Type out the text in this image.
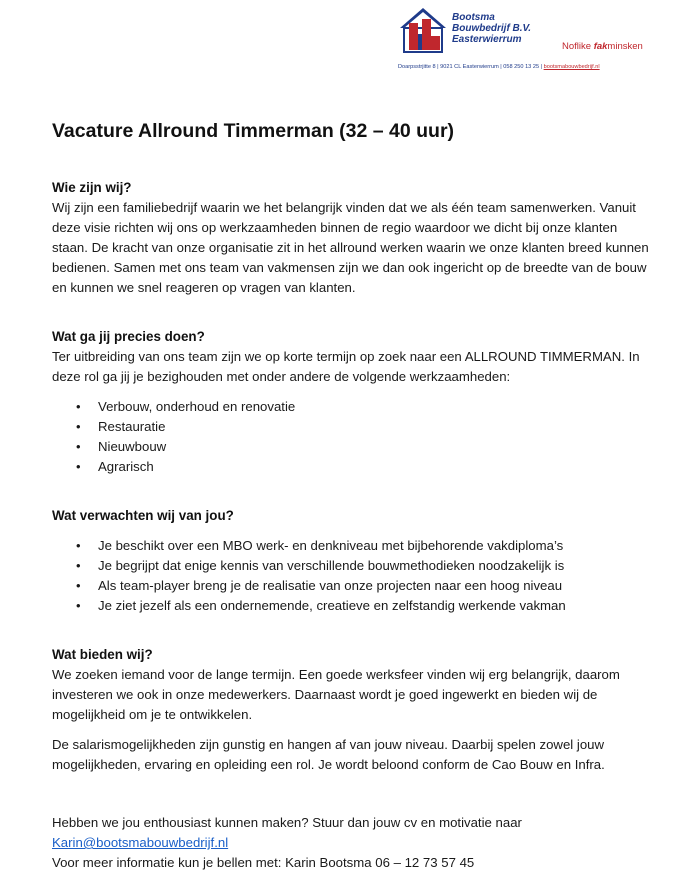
Bootsma
Bouwbedrijf B.V.
Easterwierrum
Noflike fakminsken
Doarpsstrjitte 8 | 9021 CL Easterwierrum | 058 250 13 25 | bootsmabouwbedrijf.nl
Vacature Allround Timmerman (32 – 40 uur)
Wie zijn wij?

Wij zijn een familiebedrijf waarin we het belangrijk vinden dat we als één team samenwerken. Vanuit deze visie richten wij ons op werkzaamheden binnen de regio waardoor we dicht bij onze klanten staan. De kracht van onze organisatie zit in het allround werken waarin we onze klanten breed kunnen bedienen. Samen met ons team van vakmensen zijn we dan ook ingericht op de breedte van de bouw en kunnen we snel reageren op vragen van klanten.

Wat ga jij precies doen?

Ter uitbreiding van ons team zijn we op korte termijn op zoek naar een ALLROUND TIMMERMAN. In deze rol ga jij je bezighouden met onder andere de volgende werkzaamheden:

• Verbouw, onderhoud en renovatie
• Restauratie
• Nieuwbouw
• Agrarisch
Wat verwachten wij van jou?
• Je beschikt over een MBO werk- en denkniveau met bijbehorende vakdiploma’s
• Je begrijpt dat enige kennis van verschillende bouwmethodieken noodzakelijk is
• Als team-player breng je de realisatie van onze projecten naar een hoog niveau
• Je ziet jezelf als een ondernemende, creatieve en zelfstandig werkende vakman
Wat bieden wij?

We zoeken iemand voor de lange termijn. Een goede werksfeer vinden wij erg belangrijk, daarom investeren we ook in onze medewerkers. Daarnaast wordt je goed ingewerkt en bieden wij de mogelijkheid om je te ontwikkelen.

De salarismogelijkheden zijn gunstig en hangen af van jouw niveau. Daarbij spelen zowel jouw mogelijkheden, ervaring en opleiding een rol. Je wordt beloond conform de Cao Bouw en Infra.

Hebben we jou enthousiast kunnen maken? Stuur dan jouw cv en motivatie naar

Karin@bootsmabouwbedrijf.nl

Voor meer informatie kun je bellen met: Karin Bootsma 06 – 12 73 57 45
